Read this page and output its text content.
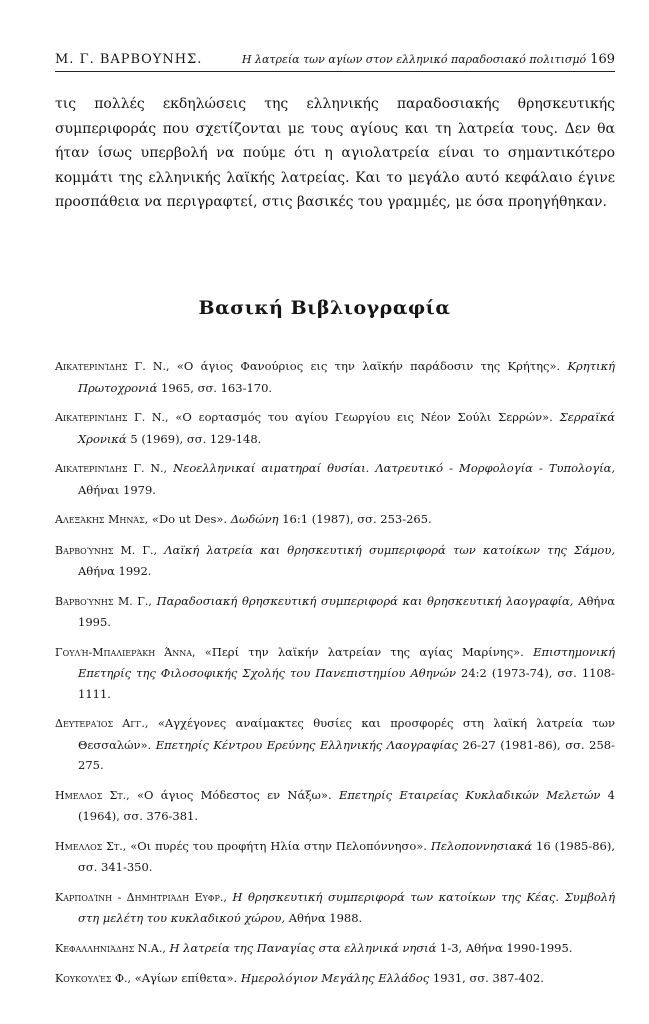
Μ. Γ. ΒΑΡΒΟΥΝΗΣ.	Η λατρεία των αγίων στον ελληνικό παραδοσιακό πολιτισμό 169

τις πολλές εκδηλώσεις της ελληνικής παραδοσιακής θρησκευτικής συμπεριφοράς που σχετίζονται με τους αγίους και τη λατρεία τους. Δεν θα ήταν ίσως υπερβολή να πούμε ότι η αγιολατρεία είναι το σημαντικότερο κομμάτι της ελληνικής λαϊκής λατρείας. Και το μεγάλο αυτό κεφάλαιο έγινε προσπάθεια να περιγραφτεί, στις βασικές του γραμμές, με όσα προηγήθηκαν.

Βασική Βιβλιογραφία
Αικατερινίδης Γ. Ν., «Ο άγιος Φανούριος εις την λαϊκήν παράδοσιν της Κρήτης». Κρητική Πρωτοχρονιά 1965, σσ. 163-170.
Αικατερινίδης Γ. Ν., «Ο εορτασμός του αγίου Γεωργίου εις Νέον Σούλι Σερρών». Σερραϊκά Χρονικά 5 (1969), σσ. 129-148.
Αικατερινίδης Γ. Ν., Νεοελληνικαί αιματηραί θυσίαι. Λατρευτικό - Μορφολογία - Τυπολογία, Αθήναι 1979.
Αλεξάκης Μηνάς, «Do ut Des». Δωδώνη 16:1 (1987), σσ. 253-265.
Βαρβούνης Μ. Γ., Λαϊκή λατρεία και θρησκευτική συμπεριφορά των κατοίκων της Σάμου, Αθήνα 1992.
Βαρβούνης Μ. Γ., Παραδοσιακή θρησκευτική συμπεριφορά και θρησκευτική λαογραφία, Αθήνα 1995.
Γουλή-Μπαλιεράκη Άννα, «Περί την λαϊκήν λατρείαν της αγίας Μαρίνης». Επιστημονική Επετηρίς της Φιλοσοφικής Σχολής του Πανεπιστημίου Αθηνών 24:2 (1973-74), σσ. 1108-1111.
Δευτεραίος Αγγ., «Αγχέγονες αναίμακτες θυσίες και προσφορές στη λαϊκή λατρεία των Θεσσαλών». Επετηρίς Κέντρου Ερεύνης Ελληνικής Λαογραφίας 26-27 (1981-86), σσ. 258-275.
Ημελλος Στ., «Ο άγιος Μόδεστος εν Νάξω». Επετηρίς Εταιρείας Κυκλαδικών Μελετών 4 (1964), σσ. 376-381.
Ημελλος Στ., «Οι πυρές του προφήτη Ηλία στην Πελοπόννησο». Πελοποννησιακά 16 (1985-86), σσ. 341-350.
Καρποδίνη - Δημητριάδη Ευφρ., Η θρησκευτική συμπεριφορά των κατοίκων της Κέας. Συμβολή στη μελέτη του κυκλαδικού χώρου, Αθήνα 1988.
Κεφαλληνιάδης Ν.Α., Η λατρεία της Παναγίας στα ελληνικά νησιά 1-3, Αθήνα 1990-1995.
Κουκουλές Φ., «Αγίων επίθετα». Ημερολόγιον Μεγάλης Ελλάδος 1931, σσ. 387-402.
